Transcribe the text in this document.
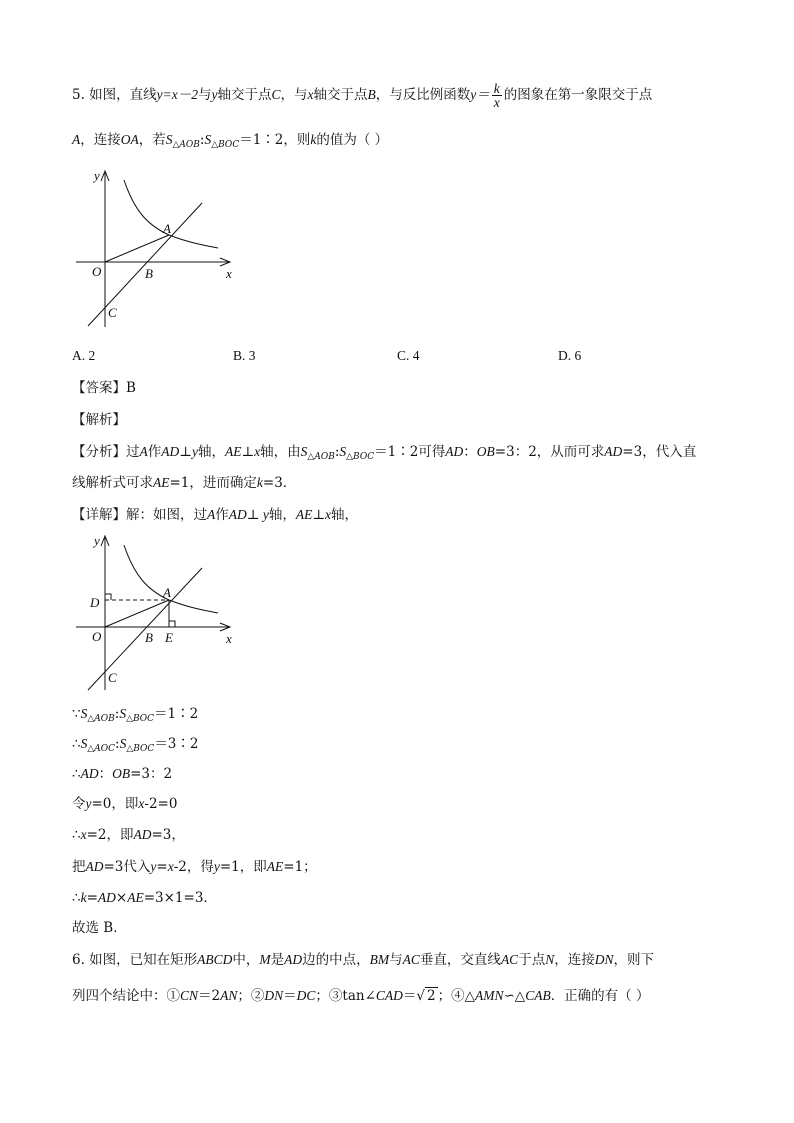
5. 如图，直线y=x－2与y轴交于点C，与x轴交于点B，与反比例函数$y= \frac{k}{x}$ 的图象在第一象限交于点
A，连接OA，若$S_{\triangle AOB}:S_{\triangle BOC}=1∶2$，则k的值为（ ）
y
x
O
A
B
C
A. 2	B. 3	C. 4	D. 6
【答案】B
【解析】
【分析】过A作AD⊥y轴，AE⊥x轴，由$S_{\triangle AOB}:S_{\triangle BOC}=1∶2$可得AD：OB=3：2，从而可求AD=3，代入直
线解析式可求AE=1，进而确定k=3．
【详解】解：如图，过A作AD⊥ y轴，AE⊥x轴，
y
x
O
A
B
C
D
E
$\because S_{\triangle AOB}:S_{\triangle BOC}=1∶2$
$\therefore S_{\triangle AOC}:S_{\triangle BOC}=3∶2$
∴AD：OB=3：2
令y=0，即x-2=0
∴x=2，即AD=3，
把AD=3代入y=x-2，得y=1，即AE=1；
∴k=AD×AE=3×1=3．
故选 B．
6. 如图，已知在矩形ABCD中，M是AD边的中点，BM与AC垂直，交直线AC于点N，连接DN，则下
列四个结论中：①CN＝2AN；②DN＝DC；③tan∠CAD＝√ 2 ；④△AMN∽△CAB．正确的有（ ）
